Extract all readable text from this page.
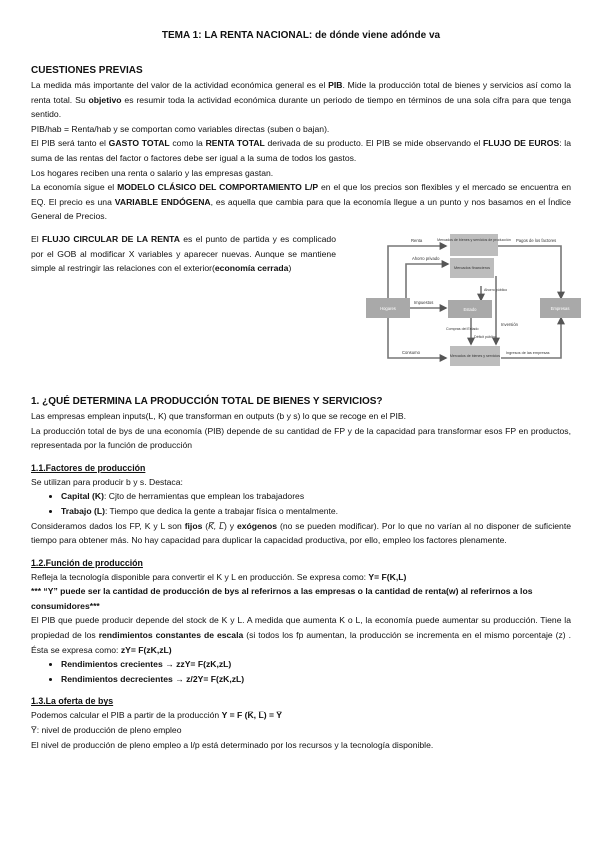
TEMA 1: LA RENTA NACIONAL: de dónde viene adónde va
CUESTIONES PREVIAS

La medida más importante del valor de la actividad económica general es el PIB. Mide la producción total de bienes y servicios así como la renta total. Su objetivo es resumir toda la actividad económica durante un periodo de tiempo en términos de una sola cifra para que tenga sentido.

PIB/hab = Renta/hab y se comportan como variables directas (suben o bajan).

El PIB será tanto el GASTO TOTAL como la RENTA TOTAL derivada de su producto. El PIB se mide observando el FLUJO DE EUROS: la suma de las rentas del factor o factores debe ser igual a la suma de todos los gastos.

Los hogares reciben una renta o salario y las empresas gastan.

La economía sigue el MODELO CLÁSICO DEL COMPORTAMIENTO L/P en el que los precios son flexibles y el mercado se encuentra en EQ. El precio es una VARIABLE ENDÓGENA, es aquella que cambia para que la economía llegue a un punto y nos basamos en el Índice General de Precios.

El FLUJO CIRCULAR DE LA RENTA es el punto de partida y es complicado por el GOB al modificar X variables y aparecer nuevas. Aunque se mantiene simple al restringir las relaciones con el exterior(economía cerrada)

Renta	Mercados de bienes y servicios de producción Pagos de los factores
Ahorro privado
Mercados financieros
Ahorro público
Hogares
Impuestos
Estado	Empresas
Compras del Estado
Déficit público
Inversión
Consumo
Mercados de bienes y servicios
Ingresos de las empresas
1. ¿QUÉ DETERMINA LA PRODUCCIÓN TOTAL DE BIENES Y SERVICIOS?

Las empresas emplean inputs(L, K) que transforman en outputs (b y s) lo que se recoge en el PIB.

La producción total de bys de una economía (PIB) depende de su cantidad de FP y de la capacidad para transformar esos FP en productos, representada por la función de producción

1.1.Factores de producción

Se utilizan para producir b y s. Destaca:

• Capital (K): Cjto de herramientas que emplean los trabajadores
• Trabajo (L): Tiempo que dedica la gente a trabajar física o mentalmente.

Consideramos dados los FP, K y L son fijos (K̅, L̅) y exógenos (no se pueden modificar). Por lo que no varían al no disponer de suficiente tiempo para obtener más. No hay capacidad para duplicar la capacidad productiva, por ello, empleo los factores plenamente.

1.2.Función de producción

Refleja la tecnología disponible para convertir el K y L en producción. Se expresa como: Y= F(K,L)

*** “Y” puede ser la cantidad de producción de bys al referirnos a las empresas o la cantidad de renta(w) al referirnos a los consumidores***

El PIB que puede producir depende del stock de K y L. A medida que aumenta K o L, la economía puede aumentar su producción. Tiene la propiedad de los rendimientos constantes de escala (si todos los fp aumentan, la producción se incrementa en el mismo porcentaje (z) . Ésta se expresa como: zY= F(zK,zL)

• Rendimientos crecientes → zzY= F(zK,zL)
• Rendimientos decrecientes → z/2Y= F(zK,zL)
1.3.La oferta de bys

Podemos calcular el PIB a partir de la producción Y = F (K̅, L̅) = Y̅

Y̅: nivel de producción de pleno empleo

El nivel de producción de pleno empleo a l/p está determinado por los recursos y la tecnología disponible.
